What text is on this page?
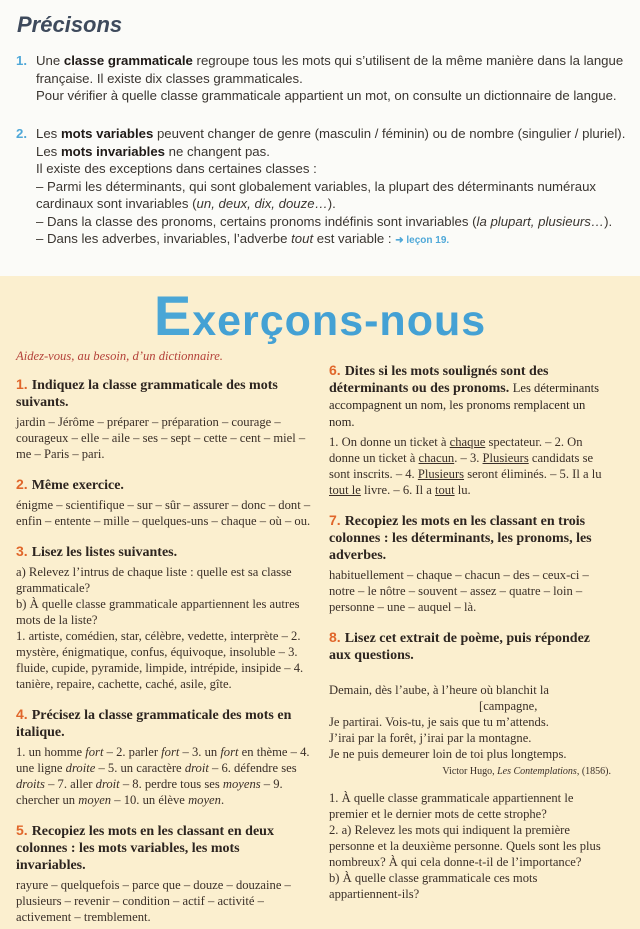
Précisons
1. Une classe grammaticale regroupe tous les mots qui s’utilisent de la même manière dans la langue française. Il existe dix classes grammaticales.
Pour vérifier à quelle classe grammaticale appartient un mot, on consulte un dictionnaire de langue.
2. Les mots variables peuvent changer de genre (masculin / féminin) ou de nombre (singulier / pluriel). Les mots invariables ne changent pas.
Il existe des exceptions dans certaines classes :
– Parmi les déterminants, qui sont globalement variables, la plupart des déterminants numéraux cardinaux sont invariables (un, deux, dix, douze…).
– Dans la classe des pronoms, certains pronoms indéfinis sont invariables (la plupart, plusieurs…).
– Dans les adverbes, invariables, l’adverbe tout est variable : ➜ leçon 19.
Exerçons-nous
Aidez-vous, au besoin, d’un dictionnaire.
1. Indiquez la classe grammaticale des mots suivants.
jardin – Jérôme – préparer – préparation – courage – courageux – elle – aile – ses – sept – cette – cent – miel – me – Paris – pari.
2. Même exercice.
énigme – scientifique – sur – sûr – assurer – donc – dont – enfin – entente – mille – quelques-uns – chaque – où – ou.
3. Lisez les listes suivantes.
a) Relevez l’intrus de chaque liste : quelle est sa classe grammaticale?
b) À quelle classe grammaticale appartiennent les autres mots de la liste?
1. artiste, comédien, star, célèbre, vedette, interprète – 2. mystère, énigmatique, confus, équivoque, insoluble – 3. fluide, cupide, pyramide, limpide, intrépide, insipide – 4. tanière, repaire, cachette, caché, asile, gîte.
4. Précisez la classe grammaticale des mots en italique.
1. un homme fort – 2. parler fort – 3. un fort en thème – 4. une ligne droite – 5. un caractère droit – 6. défendre ses droits – 7. aller droit – 8. perdre tous ses moyens – 9. chercher un moyen – 10. un élève moyen.
5. Recopiez les mots en les classant en deux colonnes : les mots variables, les mots invariables.
rayure – quelquefois – parce que – douze – douzaine – plusieurs – revenir – condition – actif – activité – activement – tremblement.
6. Dites si les mots soulignés sont des déterminants ou des pronoms. Les déterminants accompagnent un nom, les pronoms remplacent un nom.
1. On donne un ticket à chaque spectateur. – 2. On donne un ticket à chacun. – 3. Plusieurs candidats se sont inscrits. – 4. Plusieurs seront éliminés. – 5. Il a lu tout le livre. – 6. Il a tout lu.
7. Recopiez les mots en les classant en trois colonnes : les déterminants, les pronoms, les adverbes.
habituellement – chaque – chacun – des – ceux-ci – notre – le nôtre – souvent – assez – quatre – loin – personne – une – auquel – là.
8. Lisez cet extrait de poème, puis répondez aux questions.
Demain, dès l’aube, à l’heure où blanchit la
[campagne,
Je partirai. Vois-tu, je sais que tu m’attends.
J’irai par la forêt, j’irai par la montagne.
Je ne puis demeurer loin de toi plus longtemps.
Victor Hugo, Les Contemplations, (1856).
1. À quelle classe grammaticale appartiennent le premier et le dernier mots de cette strophe?
2. a) Relevez les mots qui indiquent la première personne et la deuxième personne. Quels sont les plus nombreux? À qui cela donne-t-il de l’importance?
b) À quelle classe grammaticale ces mots appartiennent-ils?
